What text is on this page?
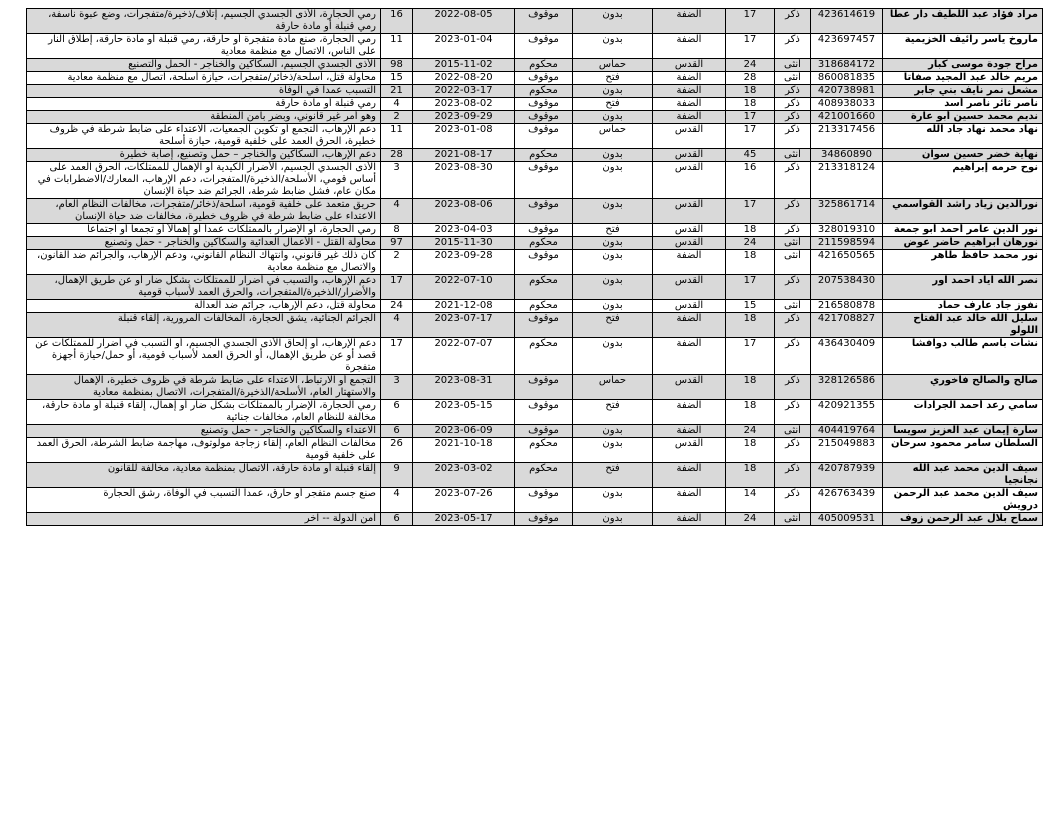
مراد فؤاد عبد اللطيف دار عطا	423614619	ذكر	17	الضفة	بدون	موقوف	2022-08-05	16	رمي الحجارة، الأذى الجسدي الجسيم، إتلاف/ذخيرة/متفجرات، وضع عبوة ناسفة، رمي قنبلة أو مادة حارقة
ماروخ ياسر رائيف الخزيمية	423697457	ذكر	17	الضفة	بدون	موقوف	2023-01-04	11	رمي الحجارة، صنع مادة متفجرة أو حارقة، رمي قنبلة أو مادة حارقة، إطلاق النار على الناس، الاتصال مع منظمة معادية
مراح جودة موسى كبار	318684172	أنثى	24	القدس	حماس	محكوم	2015-11-02	98	الأذى الجسدي الجسيم، السكاكين والخناجر - الحمل والتصنيع
مريم خالد عبد المجيد صفاتا	860081835	أنثى	28	الضفة	فتح	موقوف	2022-08-20	15	محاولة قتل، أسلحة/ذخائر/متفجرات، حيازة أسلحة، اتصال مع منظمة معادية
مشعل نمر نايف بني جابر	420738981	ذكر	18	الضفة	بدون	محكوم	2022-03-17	21	التسبب عمدا في الوفاة
ناصر ثائر ناصر أسد	408938033	ذكر	18	الضفة	فتح	موقوف	2023-08-02	4	رمي قنبلة أو مادة حارقة
نديم محمد حسين أبو عارة	421001660	ذكر	17	الضفة	بدون	موقوف	2023-09-29	2	وهو أمر غير قانوني، وبضر بأمن المنطقة
نهاد محمد نهاد جاد الله	213317456	ذكر	17	القدس	حماس	موقوف	2023-01-08	11	دعم الإرهاب، التجمع أو تكوين الجمعيات، الاعتداء على ضابط شرطة في ظروف خطيرة، الحرق العمد على خلفية قومية، حيازة أسلحة
نهاية خضر حسين سوان	34860890	أنثى	45	القدس	بدون	محكوم	2021-08-17	28	دعم الإرهاب، السكاكين والخناجر – حمل وتصنيع، إصابة خطيرة
نوح حرمه إبراهيم	213318124	ذكر	16	القدس	بدون	موقوف	2023-08-30	3	الأذى الجسدي الجسيم، الأضرار الكيدية أو الإهمال للممتلكات، الحرق العمد على أساس قومي، الأسلحة/الذخيرة/المتفجرات، دعم الإرهاب، المعارك/الاضطرابات في مكان عام، فشل ضابط شرطة، الجرائم ضد حياة الإنسان
نورالدين زياد راشد القواسمي	325861714	ذكر	17	القدس	بدون	موقوف	2023-08-06	4	حريق متعمد على خلفية قومية، أسلحة/ذخائر/متفجرات، مخالفات النظام العام، الاعتداء على ضابط شرطة في ظروف خطيرة، مخالفات ضد حياة الإنسان
نور الدين عامر أحمد أبو جمعة	328019310	ذكر	18	القدس	فتح	موقوف	2023-04-03	8	رمي الحجارة، أو الإضرار بالممتلكات عمداً أو إهمالاً أو تجمعاً أو اجتماعاً
نورهان ابراهيم حاضر عوض	211598594	أنثى	24	القدس	بدون	محكوم	2015-11-30	97	محاولة القتل - الأعمال العدائية والسكاكين والخناجر - حمل وتصنيع
نور محمد حافظ طاهر	421650565	أنثى	18	الضفة	بدون	موقوف	2023-09-28	2	كان ذلك غير قانوني، وانتهاك النظام القانوني، ودعم الإرهاب، والجرائم ضد القانون، والاتصال مع منظمة معادية
نصر الله اياد احمد اور	207538430	ذكر	17	القدس	بدون	محكوم	2022-07-10	17	دعم الإرهاب، والتسبب في أضرار للممتلكات بشكل ضار أو عن طريق الإهمال، والأضرار/الذخيرة/المتفجرات، والحرق العمد لأسباب قومية
نفوز جاد عارف حماد	216580878	أنثى	15	القدس	بدون	محكوم	2021-12-08	24	محاولة قتل، دعم الإرهاب، جرائم ضد العدالة
سليل الله خالد عبد الفتاح اللولو	421708827	ذكر	18	الضفة	فتح	موقوف	2023-07-17	4	الجرائم الجنائية، يشق الحجارة، المخالفات المرورية، إلقاء قنبلة
نشأت باسم طالب دوافشا	436430409	ذكر	17	الضفة	بدون	محكوم	2022-07-07	17	دعم الإرهاب، أو إلحاق الأذى الجسدي الجسيم، أو التسبب في أضرار للممتلكات عن قصد أو عن طريق الإهمال، أو الحرق العمد لأسباب قومية، أو حمل/حيازة أجهزة متفجرة
صالح والصالح فاخوري	328126586	ذكر	18	القدس	حماس	موقوف	2023-08-31	3	التجمع أو الارتباط، الاعتداء على ضابط شرطة في ظروف خطيرة، الإهمال والاستهتار العام، الأسلحة/الذخيرة/المتفجرات، الاتصال بمنظمة معادية
سامي رعد أحمد الجرادات	420921355	ذكر	18	الضفة	فتح	موقوف	2023-05-15	6	رمي الحجارة، الإضرار بالممتلكات بشكل ضار أو إهمال، إلقاء قنبلة أو مادة حارقة، مخالفة للنظام العام، مخالفات جنائية
سارة إيمان عبد العزيز سويسا	404419764	أنثى	24	الضفة	بدون	موقوف	2023-06-09	6	الاعتداء والسكاكين والخناجر - حمل وتصنيع
السلطان سامر محمود سرحان	215049883	ذكر	18	القدس	بدون	محكوم	2021-10-18	26	مخالفات النظام العام، إلقاء زجاجة مولوتوف، مهاجمة ضابط الشرطة، الحرق العمد على خلفية قومية
سيف الدين محمد عبد الله نجانجيا	420787939	ذكر	18	الضفة	فتح	محكوم	2023-03-02	9	إلقاء قنبلة أو مادة حارقة، الاتصال بمنظمة معادية، مخالفة للقانون
سيف الدين محمد عبد الرحمن درويش	426763439	ذكر	14	الضفة	بدون	موقوف	2023-07-26	4	صنع جسم متفجر أو حارق، عمداً التسبب في الوفاة، رشق الحجارة
سماح بلال عبد الرحمن زوف	405009531	أنثى	24	الضفة	بدون	موقوف	2023-05-17	6	أمن الدولة -- آخر
